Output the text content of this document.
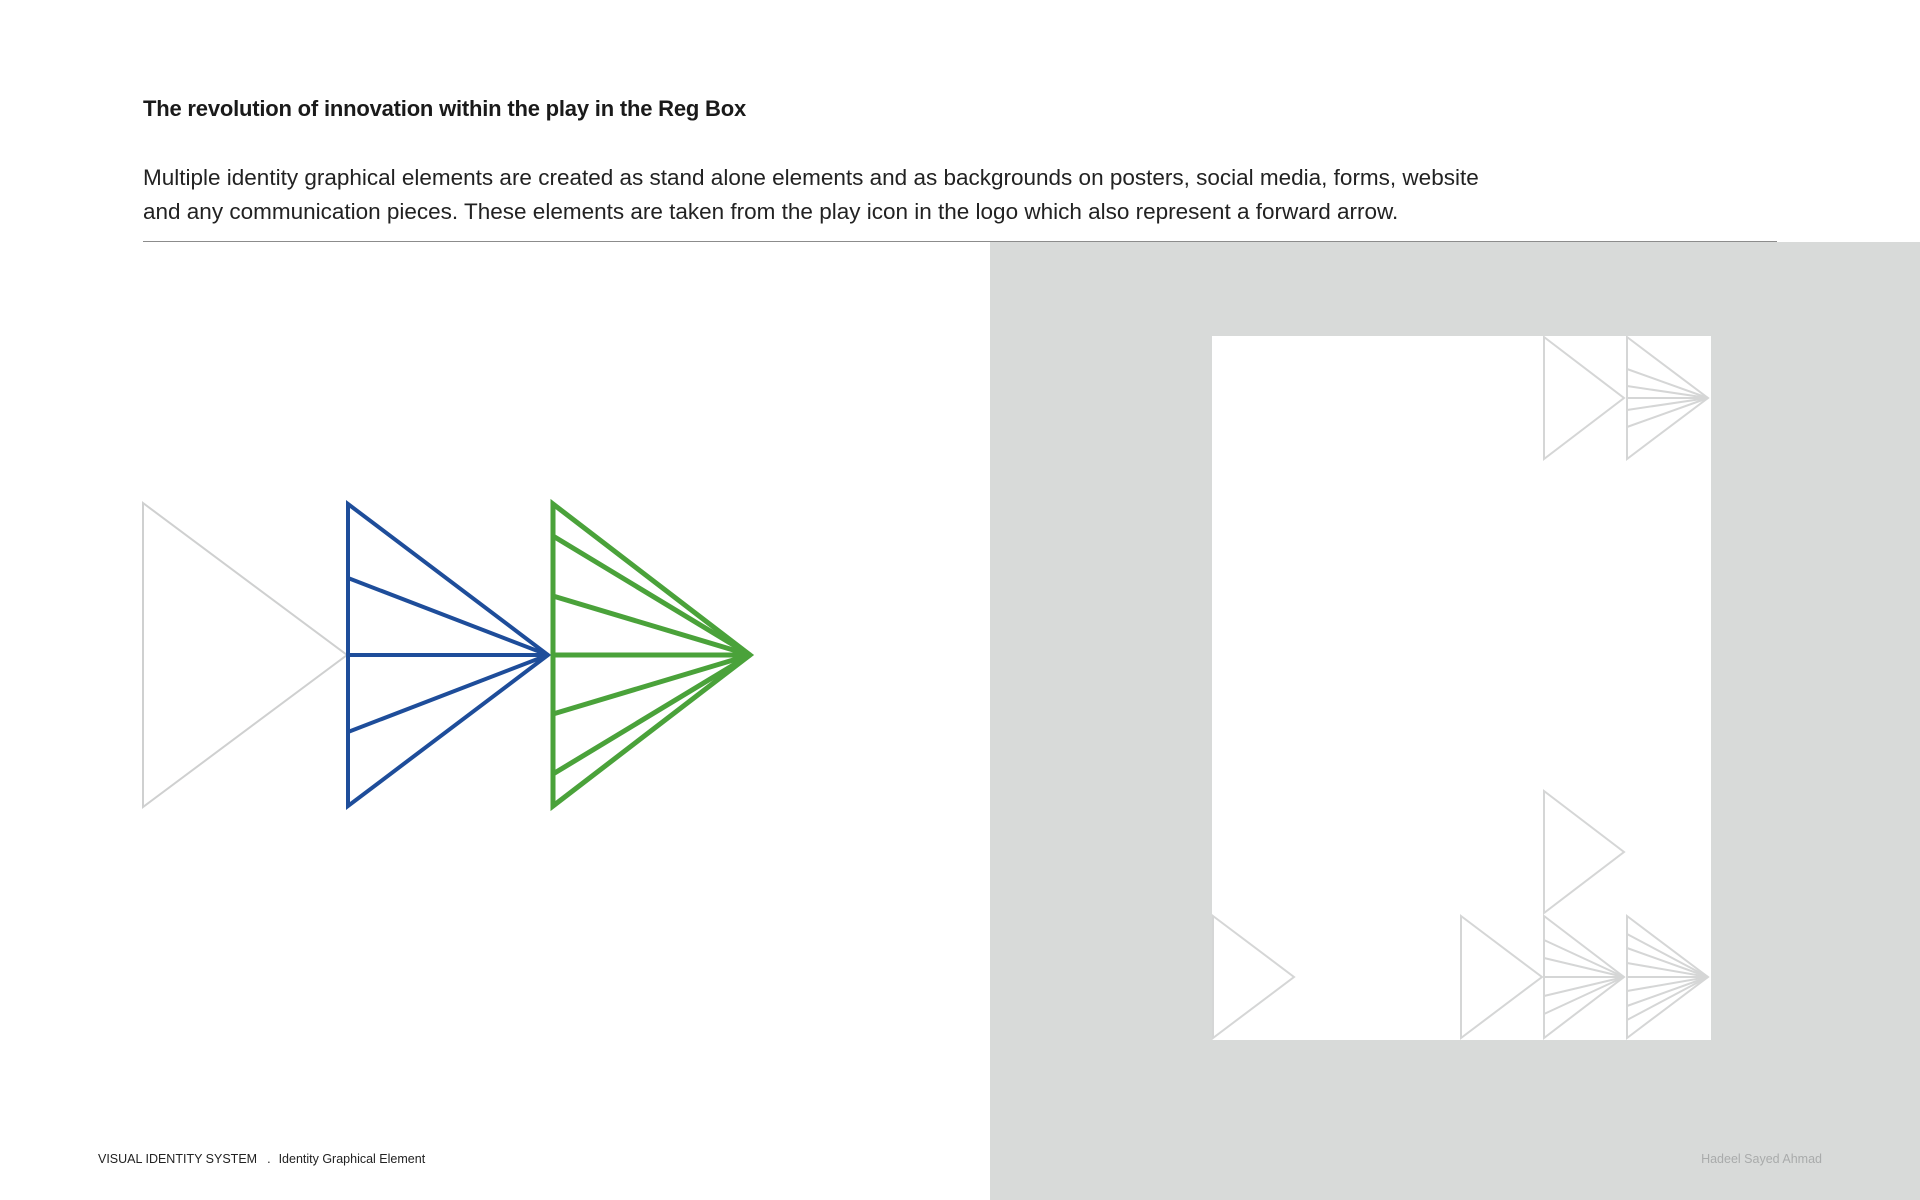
The revolution of innovation within the play in the Reg Box

Multiple identity graphical elements are created as stand alone elements and as backgrounds on posters, social media, forms, website
and any communication pieces. These elements are taken from the play icon in the logo which also represent a forward arrow.

VISUAL IDENTITY SYSTEM . Identity Graphical Element	Hadeel Sayed Ahmad
